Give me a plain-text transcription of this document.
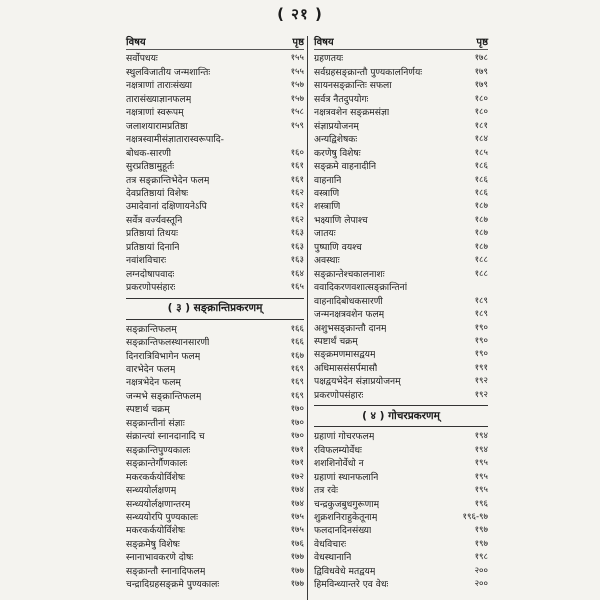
( २१ )
विषय	पृष्ठ
सर्वोपधयः	१५५
स्थुलविजातीय जन्मशान्तिः	१५५
नक्षत्राणां ताराःसंख्या	१५७
तारासंख्याज्ञानफलम्	१५७
नक्षत्राणां स्वरूपम्	१५८
जलाशयारामप्रतिष्ठा	१५९
नक्षत्रस्वामीसंज्ञातारास्वरूपादि-
बोधक-सारणी	१६०
सुरप्रतिष्ठामुहूर्तः	१६१
तत्र सङ्क्रान्तिभेदेन फलम्	१६१
देवप्रतिष्ठायां विशेषः	१६२
उमादेवानां दक्षिणायनेऽपि	१६२
सर्वेत्र वर्ज्यवस्तूनि	१६२
प्रतिष्ठायां तिथयः	१६३
प्रतिष्ठायां दिनानि	१६३
नवांशविचारः	१६३
लग्नदोषापवादः	१६४
प्रकरणोपसंहारः	१६५
( ३ ) सङ्क्रान्तिप्रकरणम्
सङ्क्रान्तिफलम्	१६६
सङ्क्रान्तिफलस्थानसारणी	१६६
दिनरात्रिविभागेन फलम्	१६७
वारभेदेन फलम्	१६९
नक्षत्रभेदेन फलम्	१६९
जन्मभे सङ्क्रान्तिफलम्	१६९
स्पष्टार्थ चक्रम्	१७०
सङ्क्रान्तीनां संज्ञाः	१७०
संक्रान्त्यां स्नानदानादि च	१७०
सङ्क्रान्तिपुण्यकालः	१७१
सङ्क्रान्तेर्गौणकालः	१७१
मकरकर्कयोर्विशेषः	१७२
सन्ध्ययोर्लक्षणम्	१७४
सन्ध्ययोर्लक्षणान्तरम्	१७४
सन्ध्ययोरपि पुण्यकालः	१७५
मकरकर्कयोर्विशेषः	१७५
सङ्क्रमेषु विशेषः	१७६
स्नानाभावकरणे दोषः	१७७
सङ्क्रान्तौ स्नानादिफलम्	१७७
चन्द्रादिग्रहसङ्क्रमे पुण्यकालः	१७७
विषय	पृष्ठ
ग्रहणतयः	१७८
सर्वग्रहसङ्क्रान्तौ पुण्यकालनिर्णयः	१७९
सायनसङ्क्रान्तिः सफला	१७९
सर्वत्र नैतदुपयोगः	१८०
नक्षत्रवशेन सङ्क्रमसंज्ञा	१८०
संज्ञाप्रयोजनम्	१८१
अन्यद्विशेषकः	१८४
करणेषु विशेषः	१८५
सङ्क्रमे वाहनादीनि	१८६
वाहनानि	१८६
वस्त्राणि	१८६
शस्त्राणि	१८७
भक्ष्याणि लेपाश्च	१८७
जातयः	१८७
पुष्पाणि वयश्च	१८७
अवस्थाः	१८८
सङ्क्रान्तेश्चकालनाशः	१८८
ववादिकरणवशात्सङ्क्रान्तिनां
वाहनादिबोधकसारणी	१८९
जन्मनक्षत्रवशेन फलम्	१८९
अशुभसङ्क्रान्तौ दानम्	१९०
स्पष्टार्थं चक्रम्	१९०
सङ्क्रमणमासद्वयम्	१९०
अधिमाससंसर्पमासौ	१९१
पक्षद्वयभेदेन संज्ञाप्रयोजनम्	१९२
प्रकरणोपसंहारः	१९२
( ४ ) गोचरप्रकरणम्
ग्रहाणां गोचरफलम्	१९४
रविफलम्योर्वेधः	१९४
शशशिनोर्वेधो न	१९५
ग्रहाणां स्थानफलानि	१९५
तत्र रवेः	१९५
चन्द्रकुजबुधगुरूणाम्	१९६
शुक्रशनिराहुकेतूनाम्	१९६-९७
फलदानदिनसंख्या	१९७
वेधविचारः	१९७
वेधस्थानानि	१९८
द्विविधवेधे मतद्वयम्	२००
हिमविन्ध्यान्तरे एव वेधः	२००
